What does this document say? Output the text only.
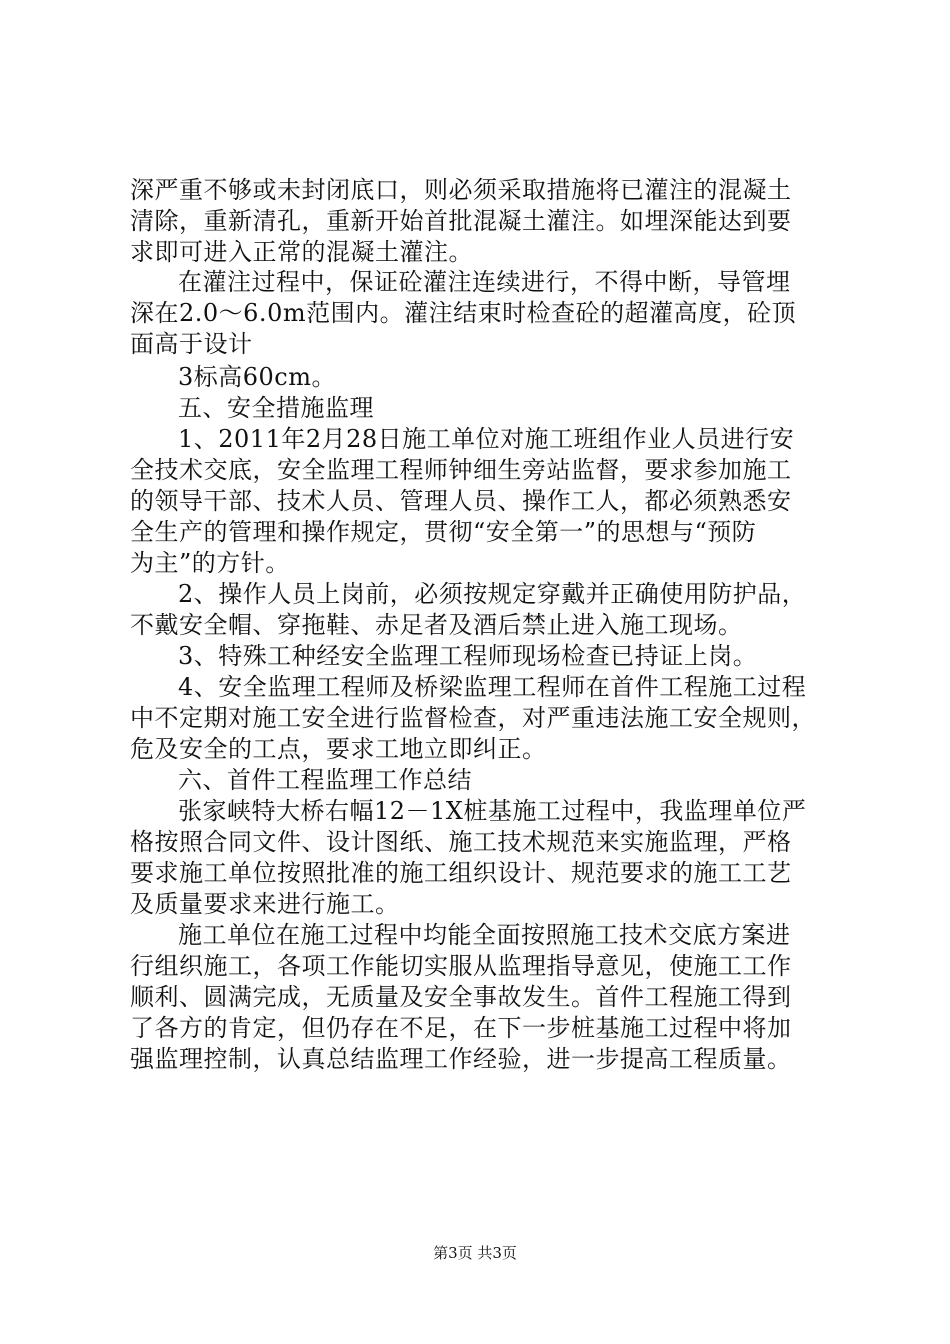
深严重不够或未封闭底口，则必须采取措施将已灌注的混凝土
清除，重新清孔，重新开始首批混凝土灌注。如埋深能达到要
求即可进入正常的混凝土灌注。
在灌注过程中，保证砼灌注连续进行，不得中断，导管埋
深在2.0～6.0m范围内。灌注结束时检查砼的超灌高度，砼顶
面高于设计
3标高60cm。
五、安全措施监理
1、2011年2月28日施工单位对施工班组作业人员进行安
全技术交底，安全监理工程师钟细生旁站监督，要求参加施工
的领导干部、技术人员、管理人员、操作工人，都必须熟悉安
全生产的管理和操作规定，贯彻“安全第一”的思想与“预防
为主”的方针。
2、操作人员上岗前，必须按规定穿戴并正确使用防护品，
不戴安全帽、穿拖鞋、赤足者及酒后禁止进入施工现场。
3、特殊工种经安全监理工程师现场检查已持证上岗。
4、安全监理工程师及桥梁监理工程师在首件工程施工过程
中不定期对施工安全进行监督检查，对严重违法施工安全规则，
危及安全的工点，要求工地立即纠正。
六、首件工程监理工作总结
张家峡特大桥右幅12－1X桩基施工过程中，我监理单位严
格按照合同文件、设计图纸、施工技术规范来实施监理，严格
要求施工单位按照批准的施工组织设计、规范要求的施工工艺
及质量要求来进行施工。
施工单位在施工过程中均能全面按照施工技术交底方案进
行组织施工，各项工作能切实服从监理指导意见，使施工工作
顺利、圆满完成，无质量及安全事故发生。首件工程施工得到
了各方的肯定，但仍存在不足，在下一步桩基施工过程中将加
强监理控制，认真总结监理工作经验，进一步提高工程质量。
第3页 共3页
